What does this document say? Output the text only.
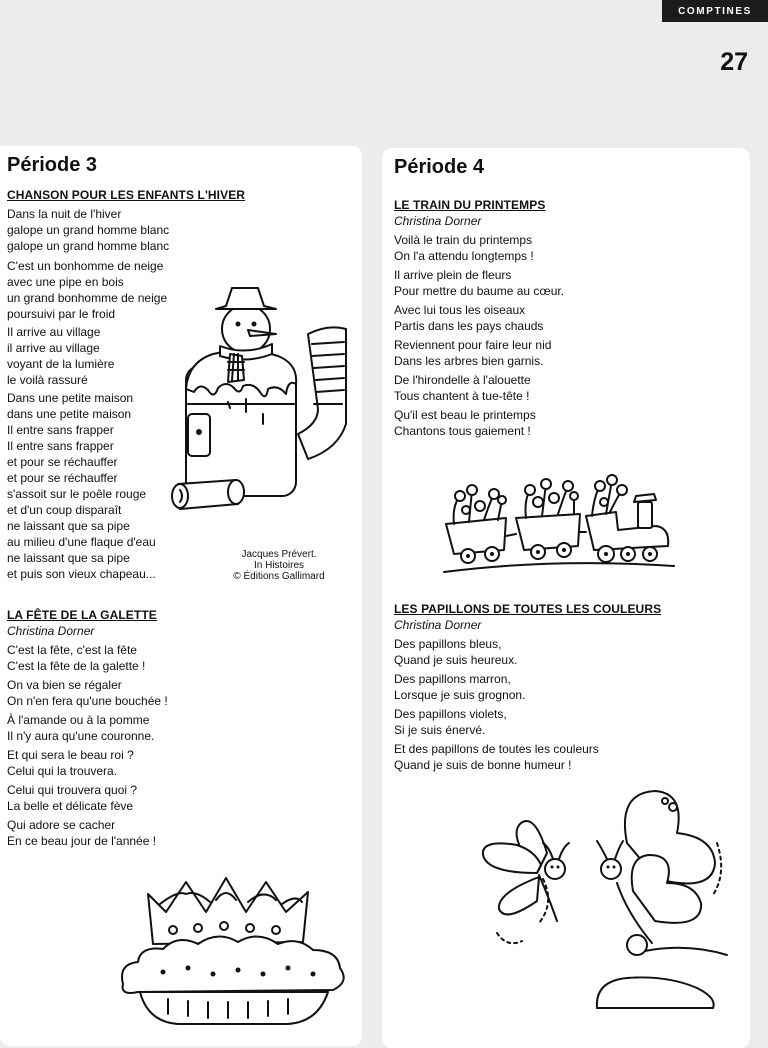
COMPTINES
27
Période 3
CHANSON POUR LES ENFANTS L'HIVER
Dans la nuit de l'hiver
galope un grand homme blanc
galope un grand homme blanc
C'est un bonhomme de neige
avec une pipe en bois
un grand bonhomme de neige
poursuivi par le froid
Il arrive au village
il arrive au village
voyant de la lumière
le voilà rassuré
Dans une petite maison
dans une petite maison
Il entre sans frapper
Il entre sans frapper
et pour se réchauffer
et pour se réchauffer
s'assoit sur le poêle rouge
et d'un coup disparaît
ne laissant que sa pipe
au milieu d'une flaque d'eau
ne laissant que sa pipe
et puis son vieux chapeau...
Jacques Prévert.
In Histoires
© Éditions Gallimard
LA FÊTE DE LA GALETTE
Christina Dorner
C'est la fête, c'est la fête
C'est la fête de la galette !
On va bien se régaler
On n'en fera qu'une bouchée !
À l'amande ou à la pomme
Il n'y aura qu'une couronne.
Et qui sera le beau roi ?
Celui qui la trouvera.
Celui qui trouvera quoi ?
La belle et délicate fève
Qui adore se cacher
En ce beau jour de l'année !
Période 4
LE TRAIN DU PRINTEMPS
Christina Dorner
Voilà le train du printemps
On l'a attendu longtemps !
Il arrive plein de fleurs
Pour mettre du baume au cœur.
Avec lui tous les oiseaux
Partis dans les pays chauds
Reviennent pour faire leur nid
Dans les arbres bien garnis.
De l'hirondelle à l'alouette
Tous chantent à tue-tête !
Qu'il est beau le printemps
Chantons tous gaiement !
LES PAPILLONS DE TOUTES LES COULEURS
Christina Dorner
Des papillons bleus,
Quand je suis heureux.
Des papillons marron,
Lorsque je suis grognon.
Des papillons violets,
Si je suis énervé.
Et des papillons de toutes les couleurs
Quand je suis de bonne humeur !
